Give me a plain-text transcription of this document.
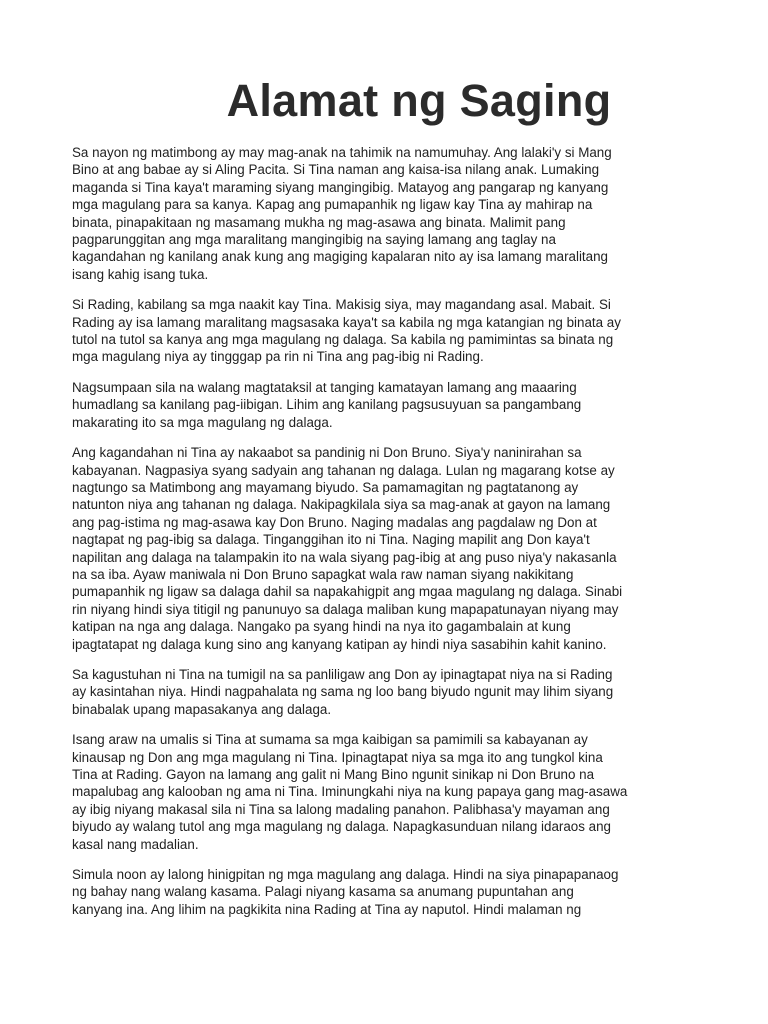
Alamat ng Saging

Sa nayon ng matimbong ay may mag-anak na tahimik na namumuhay. Ang lalaki'y si Mang
Bino at ang babae ay si Aling Pacita. Si Tina naman ang kaisa-isa nilang anak. Lumaking
maganda si Tina kaya't maraming siyang mangingibig. Matayog ang pangarap ng kanyang
mga magulang para sa kanya. Kapag ang pumapanhik ng ligaw kay Tina ay mahirap na
binata, pinapakitaan ng masamang mukha ng mag-asawa ang binata. Malimit pang
pagparunggitan ang mga maralitang mangingibig na saying lamang ang taglay na
kagandahan ng kanilang anak kung ang magiging kapalaran nito ay isa lamang maralitang
isang kahig isang tuka.

Si Rading, kabilang sa mga naakit kay Tina. Makisig siya, may magandang asal. Mabait. Si
Rading ay isa lamang maralitang magsasaka kaya't sa kabila ng mga katangian ng binata ay
tutol na tutol sa kanya ang mga magulang ng dalaga. Sa kabila ng pamimintas sa binata ng
mga magulang niya ay tingggap pa rin ni Tina ang pag-ibig ni Rading.

Nagsumpaan sila na walang magtataksil at tanging kamatayan lamang ang maaaring
humadlang sa kanilang pag-iibigan. Lihim ang kanilang pagsusuyuan sa pangambang
makarating ito sa mga magulang ng dalaga.

Ang kagandahan ni Tina ay nakaabot sa pandinig ni Don Bruno. Siya'y naninirahan sa
kabayanan. Nagpasiya syang sadyain ang tahanan ng dalaga. Lulan ng magarang kotse ay
nagtungo sa Matimbong ang mayamang biyudo. Sa pamamagitan ng pagtatanong ay
natunton niya ang tahanan ng dalaga. Nakipagkilala siya sa mag-anak at gayon na lamang
ang pag-istima ng mag-asawa kay Don Bruno. Naging madalas ang pagdalaw ng Don at
nagtapat ng pag-ibig sa dalaga. Tinganggihan ito ni Tina. Naging mapilit ang Don kaya't
napilitan ang dalaga na talampakin ito na wala siyang pag-ibig at ang puso niya'y nakasanla
na sa iba. Ayaw maniwala ni Don Bruno sapagkat wala raw naman siyang nakikitang
pumapanhik ng ligaw sa dalaga dahil sa napakahigpit ang mgaa magulang ng dalaga. Sinabi
rin niyang hindi siya titigil ng panunuyo sa dalaga maliban kung mapapatunayan niyang may
katipan na nga ang dalaga. Nangako pa syang hindi na nya ito gagambalain at kung
ipagtatapat ng dalaga kung sino ang kanyang katipan ay hindi niya sasabihin kahit kanino.

Sa kagustuhan ni Tina na tumigil na sa panliligaw ang Don ay ipinagtapat niya na si Rading
ay kasintahan niya. Hindi nagpahalata ng sama ng loo bang biyudo ngunit may lihim siyang
binabalak upang mapasakanya ang dalaga.

Isang araw na umalis si Tina at sumama sa mga kaibigan sa pamimili sa kabayanan ay
kinausap ng Don ang mga magulang ni Tina. Ipinagtapat niya sa mga ito ang tungkol kina
Tina at Rading. Gayon na lamang ang galit ni Mang Bino ngunit sinikap ni Don Bruno na
mapalubag ang kalooban ng ama ni Tina. Iminungkahi niya na kung papaya gang mag-asawa
ay ibig niyang makasal sila ni Tina sa lalong madaling panahon. Palibhasa'y mayaman ang
biyudo ay walang tutol ang mga magulang ng dalaga. Napagkasunduan nilang idaraos ang
kasal nang madalian.

Simula noon ay lalong hinigpitan ng mga magulang ang dalaga. Hindi na siya pinapapanaog
ng bahay nang walang kasama. Palagi niyang kasama sa anumang pupuntahan ang
kanyang ina. Ang lihim na pagkikita nina Rading at Tina ay naputol. Hindi malaman ng
